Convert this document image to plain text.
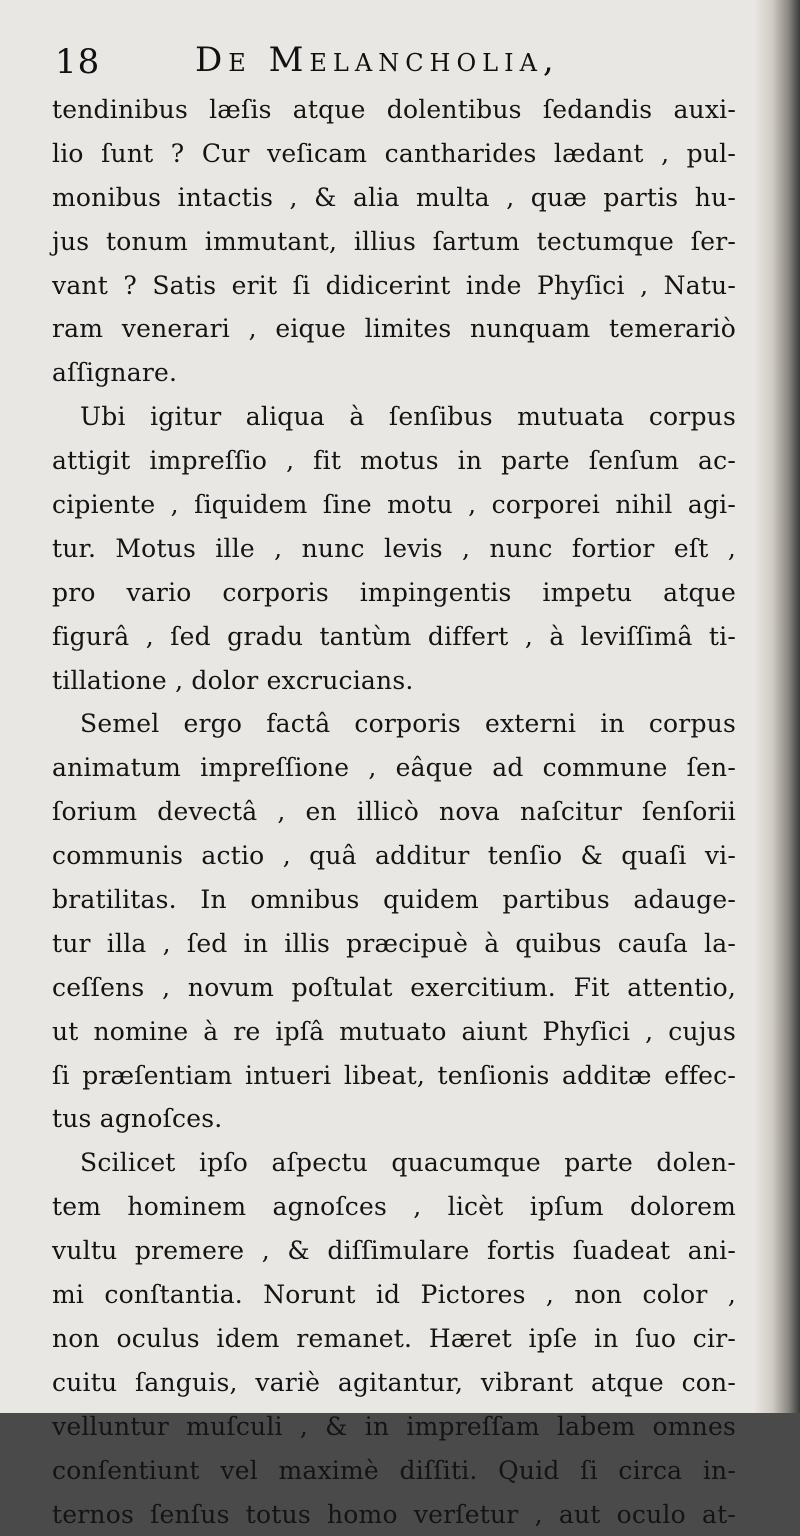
18	De Melancholia,
tendinibus læſis atque dolentibus ſedandis auxi-
lio ſunt ? Cur veſicam cantharides lædant , pul-
monibus intactis , & alia multa , quæ partis hu-
jus tonum immutant, illius ſartum tectumque ſer-
vant ? Satis erit ſi didicerint inde Phyſici , Natu-
ram venerari , eique limites nunquam temerariò
aſſignare.
Ubi igitur aliqua à ſenſibus mutuata corpus
attigit impreſſio , fit motus in parte ſenſum ac-
cipiente , ſiquidem ſine motu , corporei nihil agi-
tur. Motus ille , nunc levis , nunc fortior eſt ,
pro vario corporis impingentis impetu atque
figurâ , ſed gradu tantùm differt , à leviſſimâ ti-
tillatione , dolor excrucians.
Semel ergo factâ corporis externi in corpus
animatum impreſſione , eâque ad commune ſen-
ſorium devectâ , en illicò nova naſcitur ſenſorii
communis actio , quâ additur tenſio & quaſi vi-
bratilitas. In omnibus quidem partibus adauge-
tur illa , ſed in illis præcipuè à quibus cauſa la-
ceſſens , novum poſtulat exercitium. Fit attentio,
ut nomine à re ipſâ mutuato aiunt Phyſici , cujus
ſi præſentiam intueri libeat, tenſionis additæ effec-
tus agnoſces.
Scilicet ipſo aſpectu quacumque parte dolen-
tem hominem agnoſces , licèt ipſum dolorem
vultu premere , & diſſimulare fortis ſuadeat ani-
mi conſtantia. Norunt id Pictores , non color ,
non oculus idem remanet. Hæret ipſe in ſuo cir-
cuitu ſanguis, variè agitantur, vibrant atque con-
velluntur muſculi , & in impreſſam labem omnes
conſentiunt vel maximè diſſiti. Quid ſi circa in-
ternos ſenſus totus homo verſetur , aut oculo at-
